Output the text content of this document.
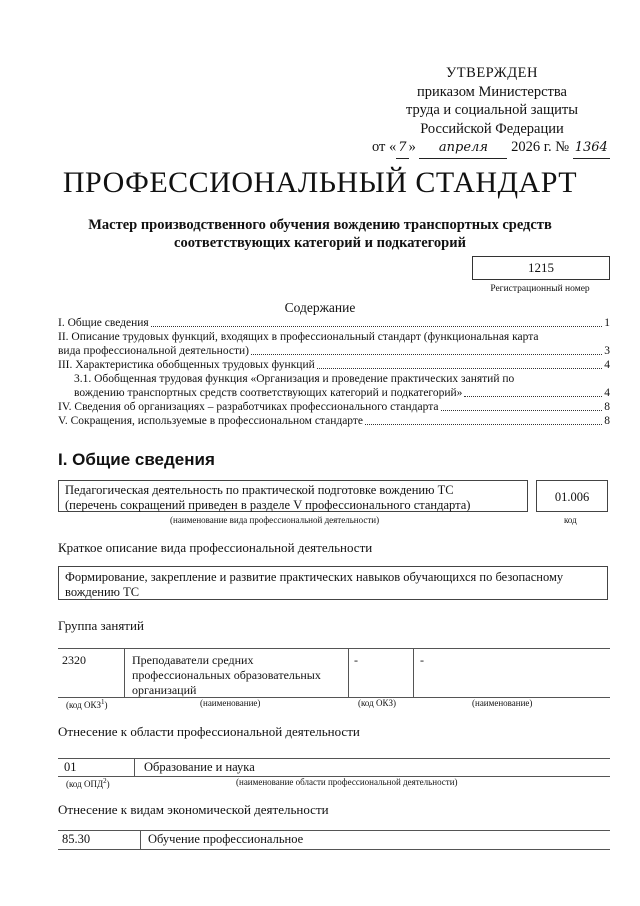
УТВЕРЖДЕН
приказом Министерства
труда и социальной защиты
Российской Федерации
от « 7 » апреля 2026 г. № 1364
ПРОФЕССИОНАЛЬНЫЙ СТАНДАРТ
Мастер производственного обучения вождению транспортных средств
соответствующих категорий и подкатегорий
1215
Регистрационный номер
Содержание
I. Общие сведения	1
II. Описание трудовых функций, входящих в профессиональный стандарт (функциональная карта
вида профессиональной деятельности)	3
III. Характеристика обобщенных трудовых функций	4
3.1. Обобщенная трудовая функция «Организация и проведение практических занятий по
вождению транспортных средств соответствующих категорий и подкатегорий»	4
IV. Сведения об организациях – разработчиках профессионального стандарта	8
V. Сокращения, используемые в профессиональном стандарте	8
I. Общие сведения
Педагогическая деятельность по практической подготовке вождению ТС
(перечень сокращений приведен в разделе V профессионального стандарта)
01.006
(наименование вида профессиональной деятельности)	код
Краткое описание вида профессиональной деятельности
Формирование, закрепление и развитие практических навыков обучающихся по безопасному вождению ТС
Группа занятий
2320	Преподаватели средних
профессиональных образовательных
организаций
-	-
(код ОКЗ$^1$)	(наименование)	(код ОКЗ)	(наименование)
Отнесение к области профессиональной деятельности
01	Образование и наука
(код ОПД$^2$)	(наименование области профессиональной деятельности)
Отнесение к видам экономической деятельности
85.30	Обучение профессиональное
